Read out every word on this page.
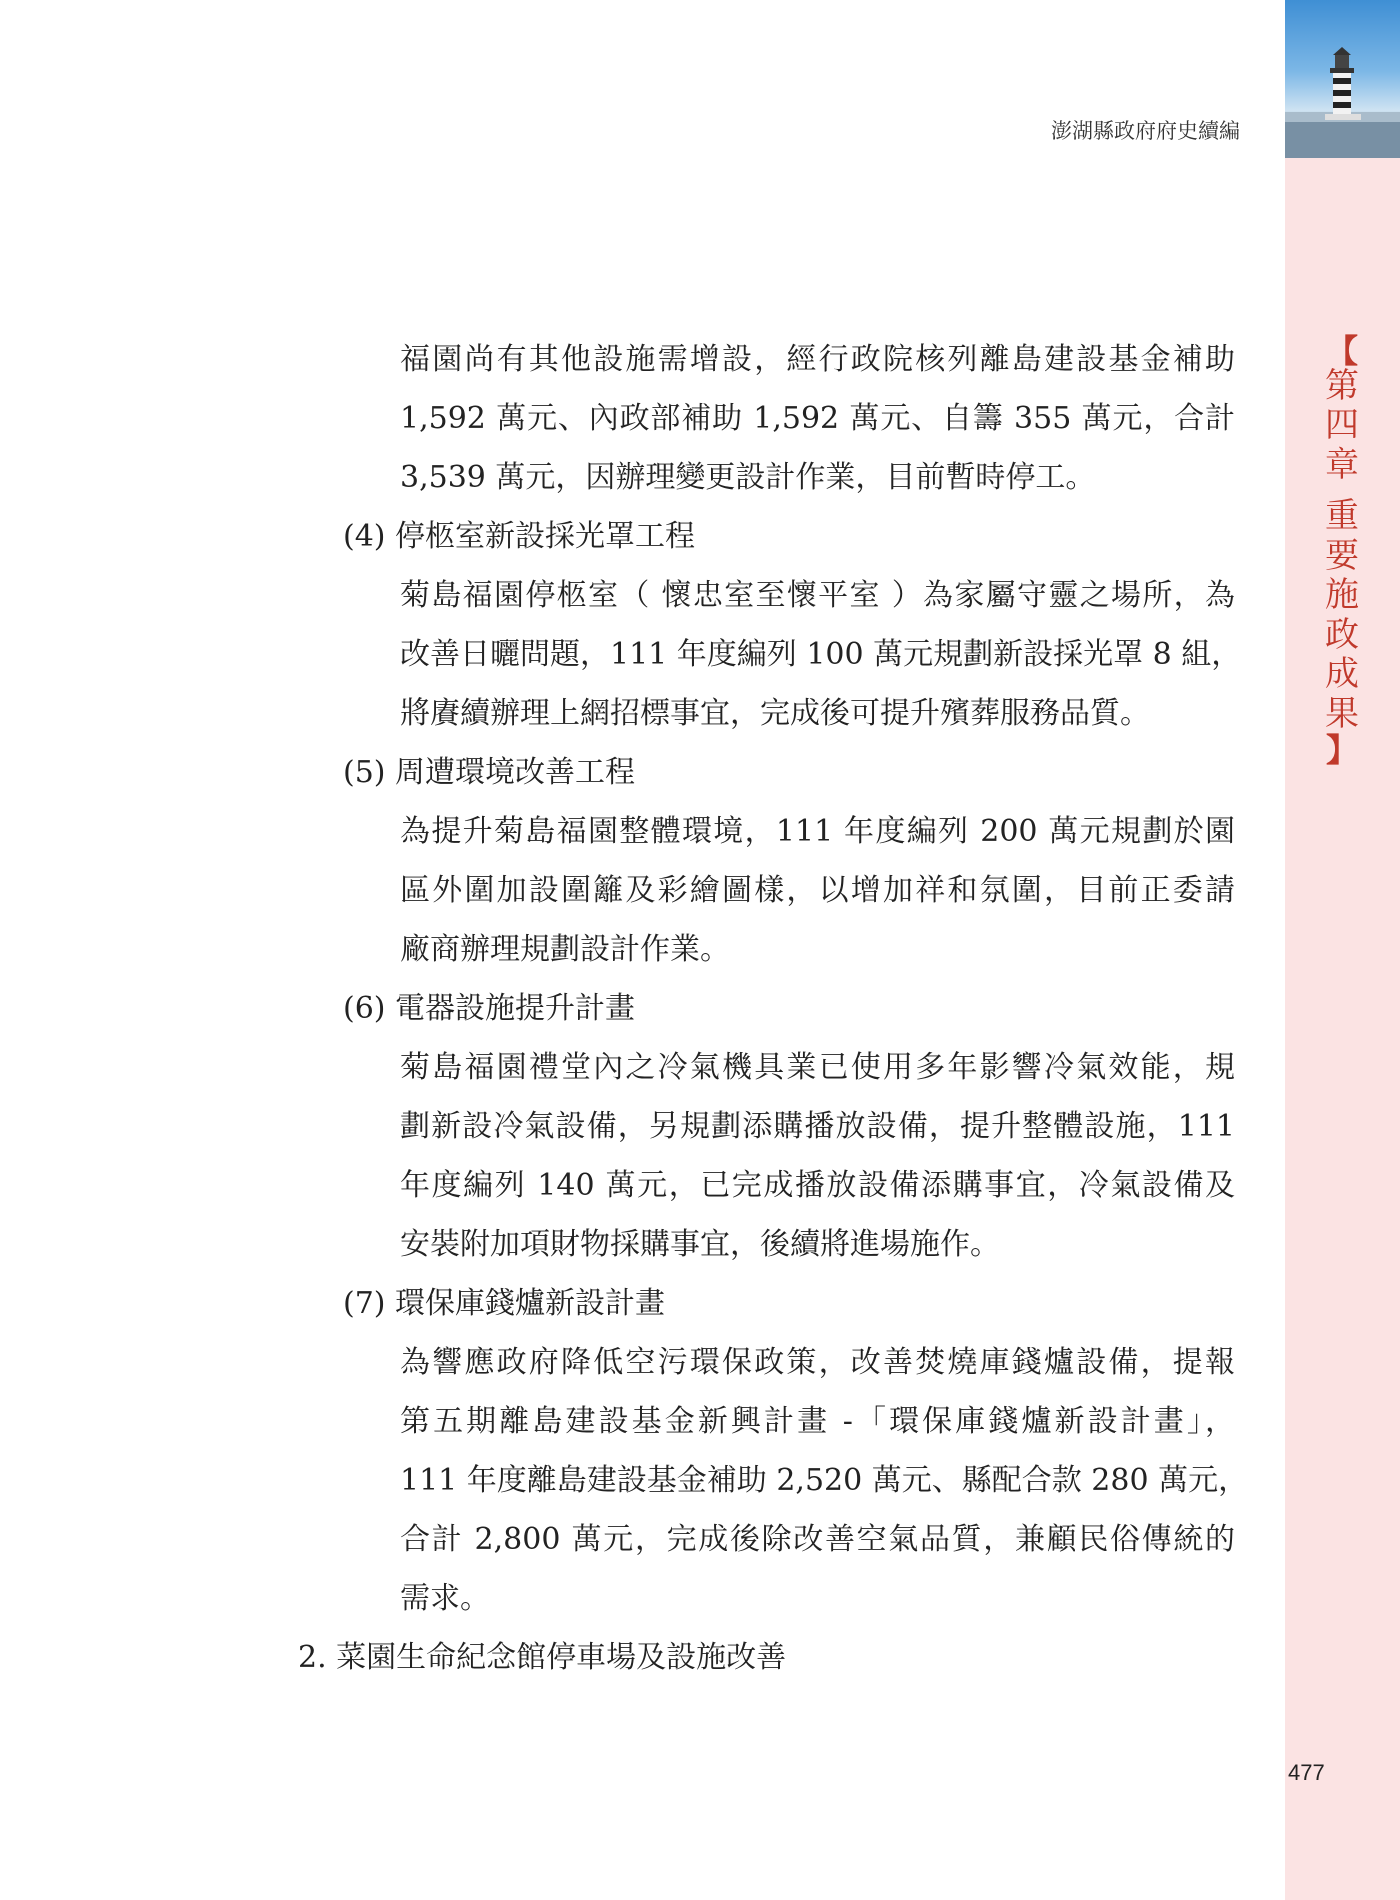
澎湖縣政府府史續編
福園尚有其他設施需增設，經行政院核列離島建設基金補助
1,592 萬元、內政部補助 1,592 萬元、自籌 355 萬元，合計
3,539 萬元，因辦理變更設計作業，目前暫時停工。
(4) 停柩室新設採光罩工程
菊島福園停柩室（ 懷忠室至懷平室 ）為家屬守靈之場所，為
改善日曬問題，111 年度編列 100 萬元規劃新設採光罩 8 組，
將賡續辦理上網招標事宜，完成後可提升殯葬服務品質。
(5) 周遭環境改善工程
為提升菊島福園整體環境，111 年度編列 200 萬元規劃於園
區外圍加設圍籬及彩繪圖樣，以增加祥和氛圍，目前正委請
廠商辦理規劃設計作業。
(6) 電器設施提升計畫
菊島福園禮堂內之冷氣機具業已使用多年影響冷氣效能，規
劃新設冷氣設備，另規劃添購播放設備，提升整體設施，111
年度編列 140 萬元，已完成播放設備添購事宜，冷氣設備及
安裝附加項財物採購事宜，後續將進場施作。
(7) 環保庫錢爐新設計畫
為響應政府降低空污環保政策，改善焚燒庫錢爐設備，提報
第五期離島建設基金新興計畫 -「環保庫錢爐新設計畫」，
111 年度離島建設基金補助 2,520 萬元、縣配合款 280 萬元，
合計 2,800 萬元，完成後除改善空氣品質，兼顧民俗傳統的
需求。
2. 菜園生命紀念館停車場及設施改善
【
第
四
章
重
要
施
政
成
果
】
477
